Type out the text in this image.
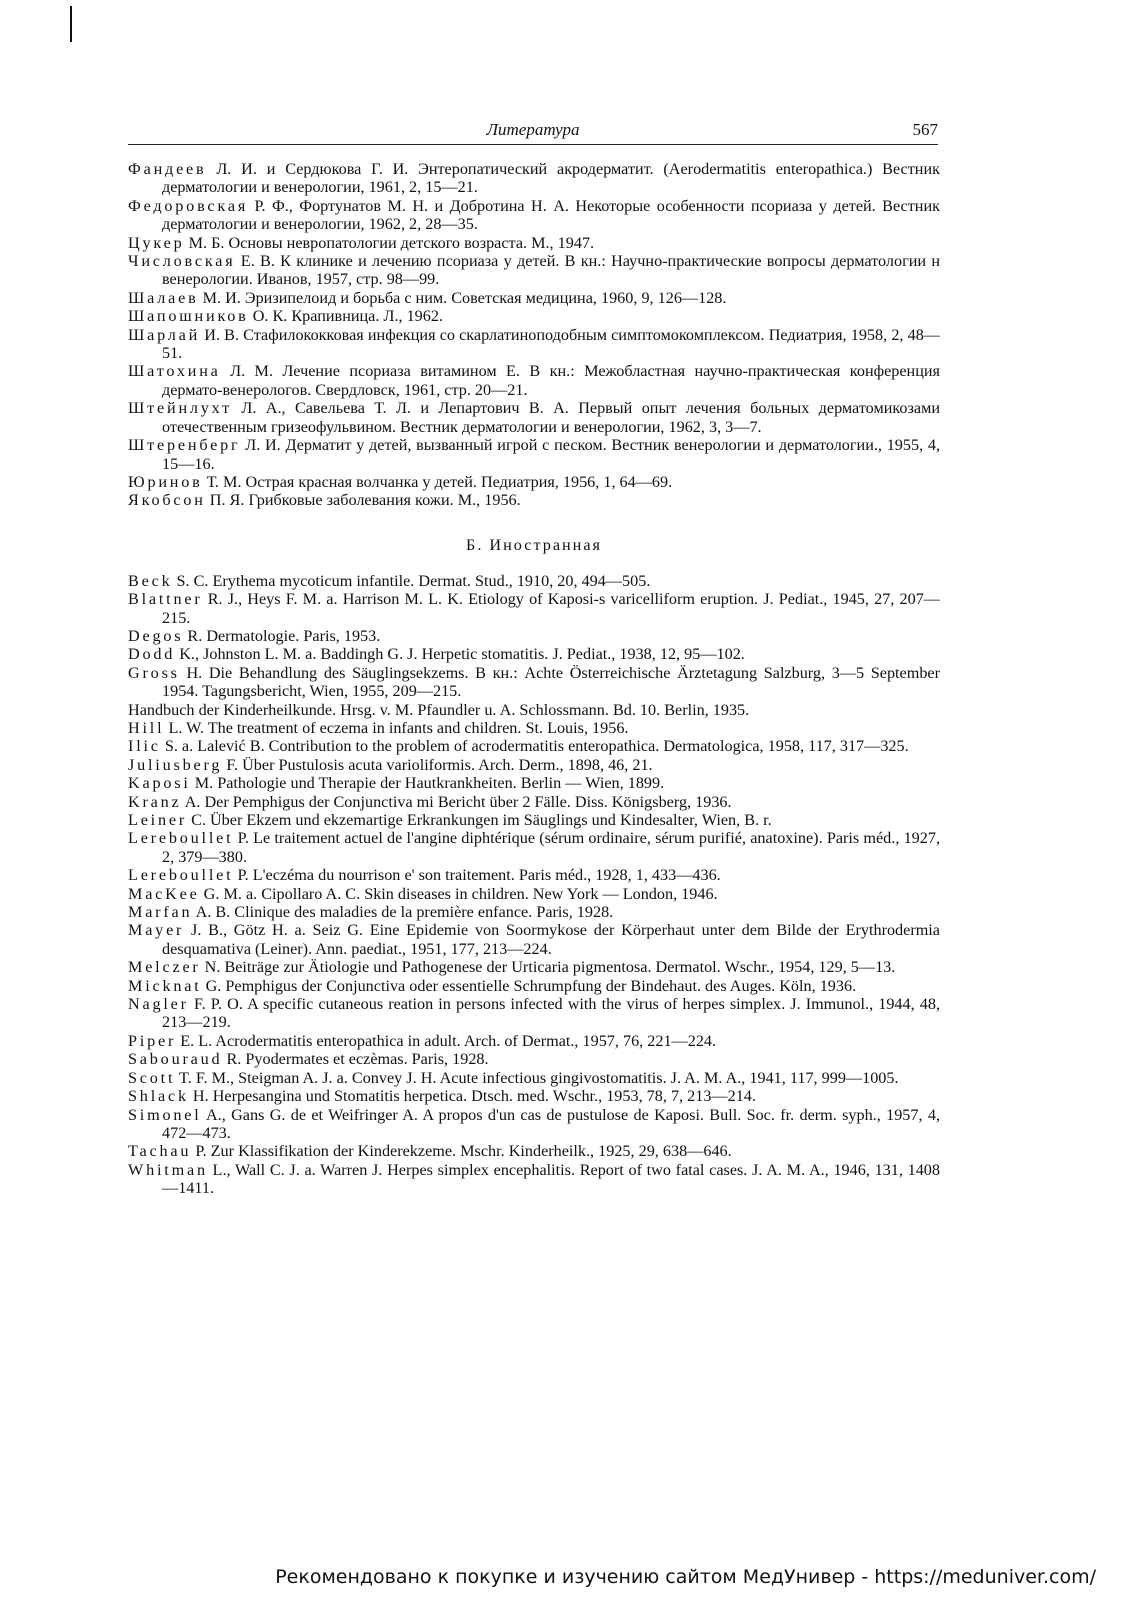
Литература	567

Фандеев Л. И. и Сердюкова Г. И. Энтеропатический акродерматит. (Aerodermatitis enteropathica.) Вестник дерматологии и венерологии, 1961, 2, 15—21.

Федоровская Р. Ф., Фортунатов М. Н. и Добротина Н. А. Некоторые особенности псориаза у детей. Вестник дерматологии и венерологии, 1962, 2, 28—35.

Цукер М. Б. Основы невропатологии детского возраста. М., 1947.

Числовская Е. В. К клинике и лечению псориаза у детей. В кн.: Научно-практические вопросы дерматологии н венерологии. Иванов, 1957, стр. 98—99.

Шалаев М. И. Эризипелоид и борьба с ним. Советская медицина, 1960, 9, 126—128.

Шапошников О. К. Крапивница. Л., 1962.

Шарлай И. В. Стафилококковая инфекция со скарлатиноподобным симптомокомплексом. Педиатрия, 1958, 2, 48—51.

Шатохина Л. М. Лечение псориаза витамином Е. В кн.: Межобластная научно-практическая конференция дермато-венерологов. Свердловск, 1961, стр. 20—21.

Штейнлухт Л. А., Савельева Т. Л. и Лепартович В. А. Первый опыт лечения больных дерматомикозами отечественным гризеофульвином. Вестник дерматологии и венерологии, 1962, 3, 3—7.

Штеренберг Л. И. Дерматит у детей, вызванный игрой с песком. Вестник венерологии и дерматологии., 1955, 4, 15—16.

Юринов Т. М. Острая красная волчанка у детей. Педиатрия, 1956, 1, 64—69.

Якобсон П. Я. Грибковые заболевания кожи. М., 1956.

Б. Иностранная

Beck S. C. Erythema mycoticum infantile. Dermat. Stud., 1910, 20, 494—505.

Blattner R. J., Heys F. M. a. Harrison M. L. K. Etiology of Kaposi-s varicelliform eruption. J. Pediat., 1945, 27, 207—215.

Degos R. Dermatologie. Paris, 1953.

Dodd K., Johnston L. M. a. Baddingh G. J. Herpetic stomatitis. J. Pediat., 1938, 12, 95—102.

Gross H. Die Behandlung des Säuglingsekzems. В кн.: Achte Österreichische Ärztetagung Salzburg, 3—5 September 1954. Tagungsbericht, Wien, 1955, 209—215.

Handbuch der Kinderheilkunde. Hrsg. v. M. Pfaundler u. A. Schlossmann. Bd. 10. Berlin, 1935.

Hill L. W. The treatment of eczema in infants and children. St. Louis, 1956.

Ilic S. a. Lalević B. Contribution to the problem of acrodermatitis enteropathica. Dermatologica, 1958, 117, 317—325.

Juliusberg F. Über Pustulosis acuta varioliformis. Arch. Derm., 1898, 46, 21.

Kaposi M. Pathologie und Therapie der Hautkrankheiten. Berlin — Wien, 1899.

Kranz A. Der Pemphigus der Conjunctiva mi Bericht über 2 Fälle. Diss. Königsberg, 1936.

Leiner C. Über Ekzem und ekzemartige Erkrankungen im Säuglings und Kindesalter, Wien, B. r.

Lereboullet P. Le traitement actuel de l'angine diphtérique (sérum ordinaire, sérum purifié, anatoxine). Paris méd., 1927, 2, 379—380.

Lereboullet P. L'eczéma du nourrison e' son traitement. Paris méd., 1928, 1, 433—436.

MacKee G. M. a. Cipollaro A. C. Skin diseases in children. New York — London, 1946.

Marfan A. B. Clinique des maladies de la première enfance. Paris, 1928.

Mayer J. B., Götz H. a. Seiz G. Eine Epidemie von Soormykose der Körperhaut unter dem Bilde der Erythrodermia desquamativa (Leiner). Ann. paediat., 1951, 177, 213—224.

Melczer N. Beiträge zur Ätiologie und Pathogenese der Urticaria pigmentosa. Dermatol. Wschr., 1954, 129, 5—13.

Micknat G. Pemphigus der Conjunctiva oder essentielle Schrumpfung der Bindehaut. des Auges. Köln, 1936.

Nagler F. P. O. A specific cutaneous reation in persons infected with the virus of herpes simplex. J. Immunol., 1944, 48, 213—219.

Piper E. L. Acrodermatitis enteropathica in adult. Arch. of Dermat., 1957, 76, 221—224.

Sabouraud R. Pyodermates et eczèmas. Paris, 1928.

Scott T. F. M., Steigman A. J. a. Convey J. H. Acute infectious gingivostomatitis. J. A. M. A., 1941, 117, 999—1005.

Shlack H. Herpesangina und Stomatitis herpetica. Dtsch. med. Wschr., 1953, 78, 7, 213—214.

Simonel A., Gans G. de et Weifringer A. A propos d'un cas de pustulose de Kaposi. Bull. Soc. fr. derm. syph., 1957, 4, 472—473.

Tachau P. Zur Klassifikation der Kinderekzeme. Mschr. Kinderheilk., 1925, 29, 638—646.

Whitman L., Wall C. J. a. Warren J. Herpes simplex encephalitis. Report of two fatal cases. J. A. M. A., 1946, 131, 1408—1411.

Рекомендовано к покупке и изучению сайтом МедУнивер - https://meduniver.com/
